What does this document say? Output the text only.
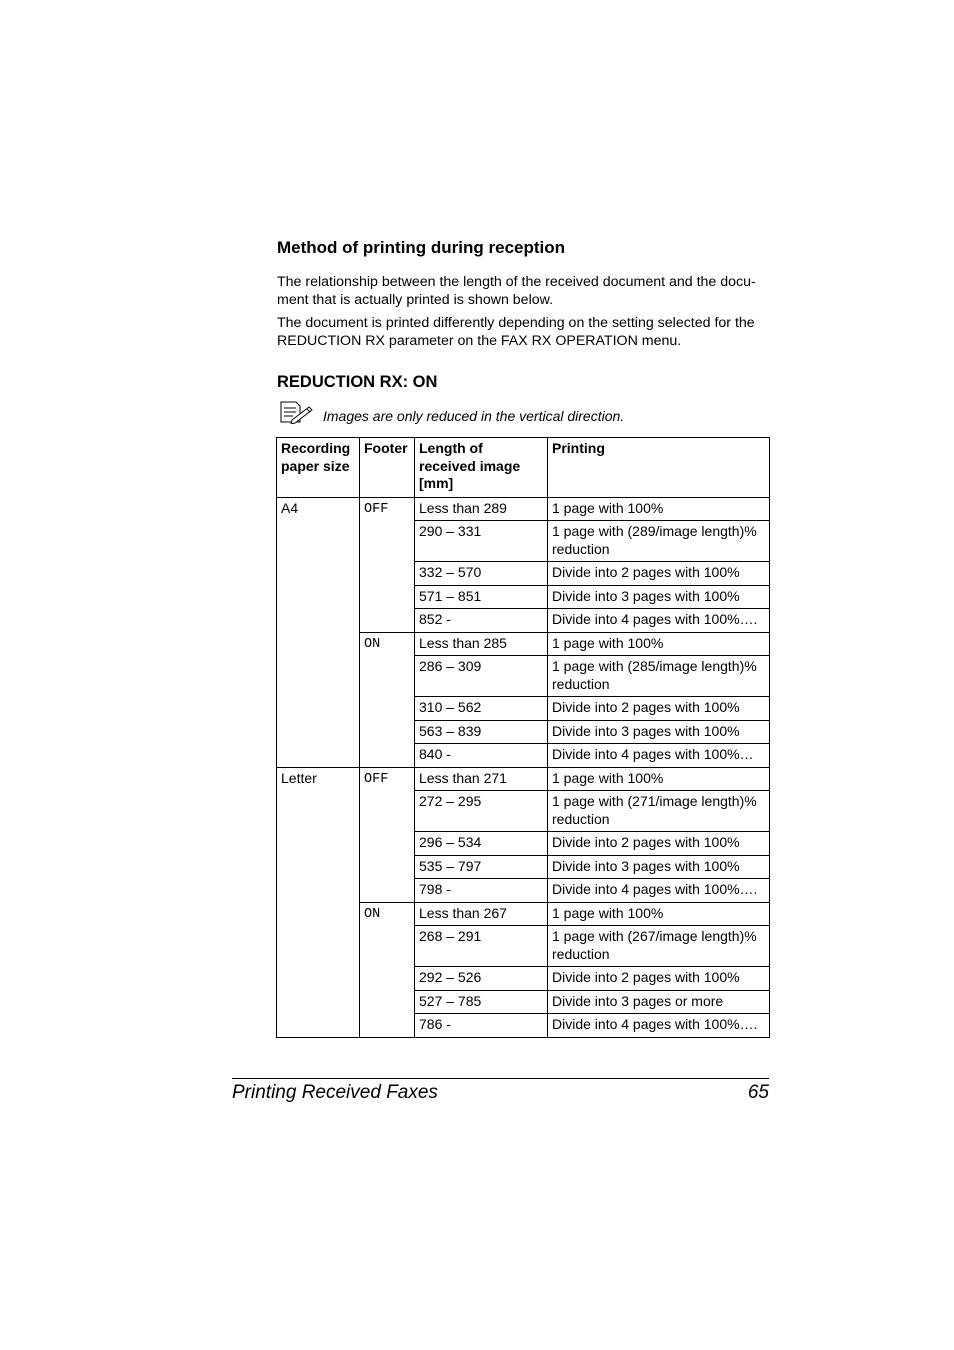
Method of printing during reception

The relationship between the length of the received document and the docu-ment that is actually printed is shown below.

The document is printed differently depending on the setting selected for the REDUCTION RX parameter on the FAX RX OPERATION menu.

REDUCTION RX: ON
Images are only reduced in the vertical direction.
Recording paper size	Footer	Length of received image [mm]	Printing
A4	OFF	Less than 289	1 page with 100%
		290 – 331	1 page with (289/image length)% reduction
		332 – 570	Divide into 2 pages with 100%
		571 – 851	Divide into 3 pages with 100%
		852 -	Divide into 4 pages with 100%….
	ON	Less than 285	1 page with 100%
		286 – 309	1 page with (285/image length)% reduction
		310 – 562	Divide into 2 pages with 100%
		563 – 839	Divide into 3 pages with 100%
		840 -	Divide into 4 pages with 100%…
Letter	OFF	Less than 271	1 page with 100%
		272 – 295	1 page with (271/image length)% reduction
		296 – 534	Divide into 2 pages with 100%
		535 – 797	Divide into 3 pages with 100%
		798 -	Divide into 4 pages with 100%….
	ON	Less than 267	1 page with 100%
		268 – 291	1 page with (267/image length)% reduction
		292 – 526	Divide into 2 pages with 100%
		527 – 785	Divide into 3 pages or more
		786 -	Divide into 4 pages with 100%….
Printing Received Faxes	65
